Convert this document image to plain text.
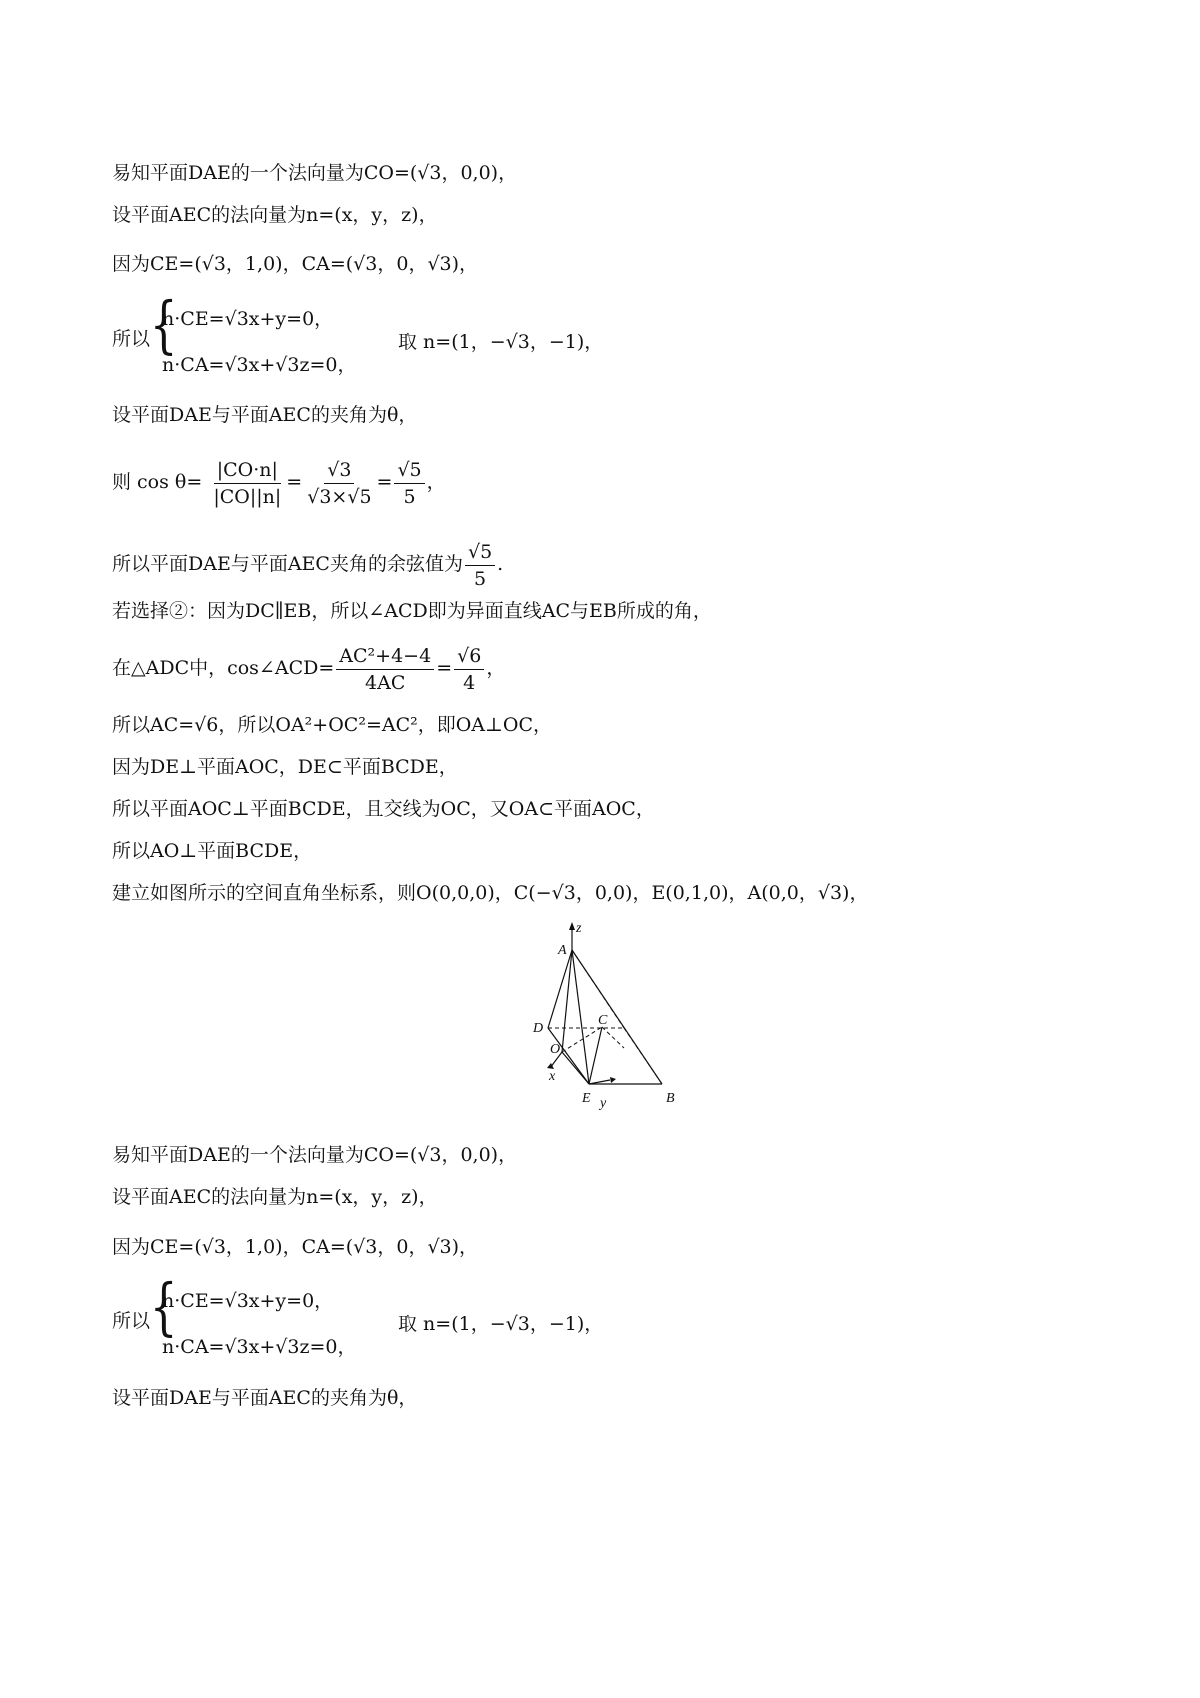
易知平面DAE的一个法向量为CO=(√3，0,0)，
设平面AEC的法向量为n=(x，y，z)，
因为CE=(√3，1,0)，CA=(√3，0，√3)，
所以 {
n·CE=√3x+y=0，
n·CA=√3x+√3z=0，
取 n=(1，−√3，−1)，
设平面DAE与平面AEC的夹角为θ，
则 $\cos \theta= \frac{|CO\cdot n|}{|CO||n|} = \frac{√3}{√3\times√5} = \frac{√5}{5}$ ，
所以平面DAE与平面AEC夹角的余弦值为 $\frac{√5}{5}$ .
若选择②：因为DC∥EB，所以∠ACD即为异面直线AC与EB所成的角，
在△ADC中，cos∠ACD= $\frac{\text{AC²+4−4}}{4AC} = \frac{√6}{4}$ ，
所以AC=√6，所以OA²+OC²=AC²，即OA⊥OC，
因为DE⊥平面AOC，DE⊂平面BCDE，
所以平面AOC⊥平面BCDE，且交线为OC，又OA⊂平面AOC，
所以AO⊥平面BCDE，
建立如图所示的空间直角坐标系，则O(0,0,0)，C(−√3，0,0)，E(0,1,0)，A(0,0，√3)，
z
A
D
C
O
x
E y	B
易知平面DAE的一个法向量为CO=(√3，0,0)，
设平面AEC的法向量为n=(x，y，z)，
因为CE=(√3，1,0)，CA=(√3，0，√3)，
所以 {
n·CE=√3x+y=0，
n·CA=√3x+√3z=0，
取 n=(1，−√3，−1)，
设平面DAE与平面AEC的夹角为θ，
